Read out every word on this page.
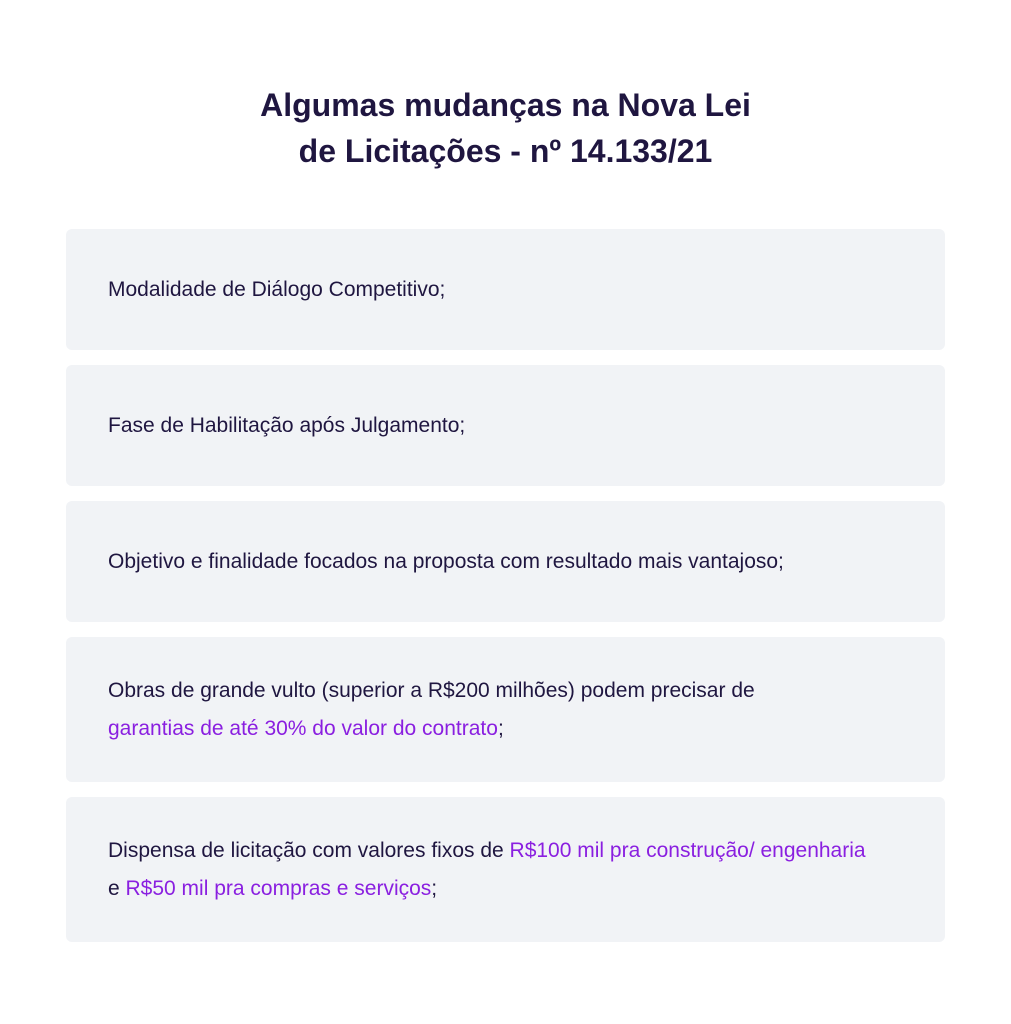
Algumas mudanças na Nova Lei
de Licitações - nº 14.133/21

Modalidade de Diálogo Competitivo;

Fase de Habilitação após Julgamento;

Objetivo e finalidade focados na proposta com resultado mais vantajoso;

Obras de grande vulto (superior a R$200 milhões) podem precisar de
garantias de até 30% do valor do contrato;

Dispensa de licitação com valores fixos de R$100 mil pra construção/ engenharia e R$50 mil pra compras e serviços;
